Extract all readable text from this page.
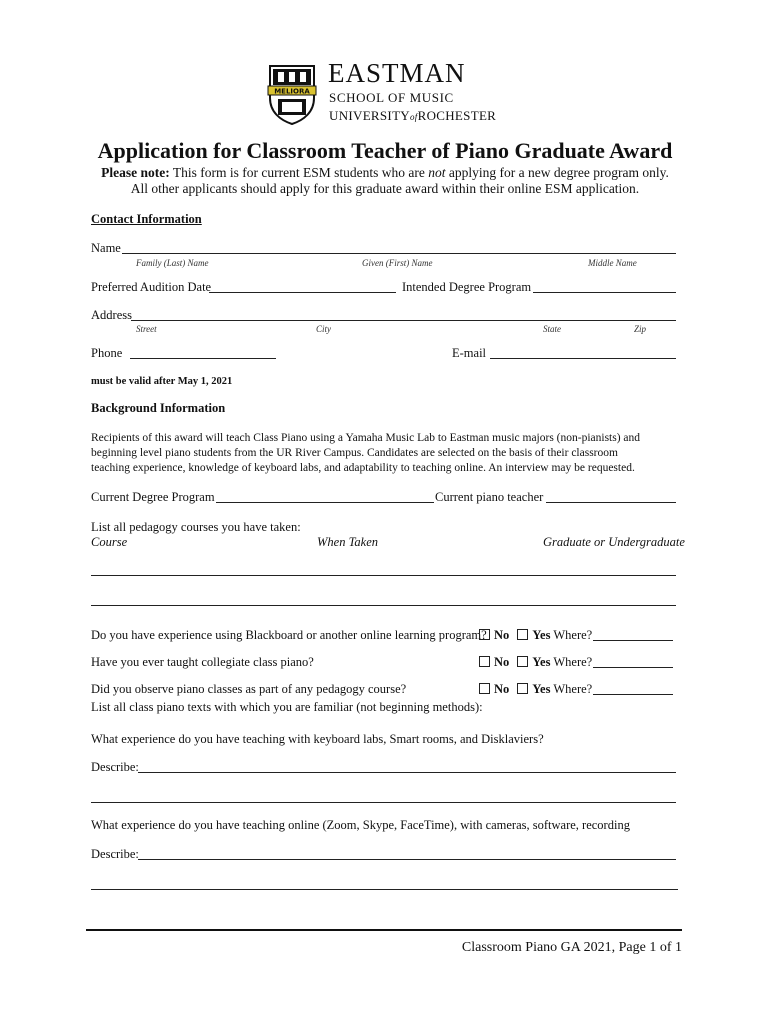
MELIORA
EASTMAN
SCHOOL OF MUSIC
UNIVERSITYofROCHESTER
Application for Classroom Teacher of Piano Graduate Award
Please note: This form is for current ESM students who are not applying for a new degree program only.
All other applicants should apply for this graduate award within their online ESM application.
Contact Information
Name
Family (Last) Name	Given (First) Name	Middle Name
Preferred Audition Date	Intended Degree Program
Address
Street	City	State	Zip
Phone	E-mail
must be valid after May 1, 2021
Background Information
Recipients of this award will teach Class Piano using a Yamaha Music Lab to Eastman music majors (non-pianists) and
beginning level piano students from the UR River Campus. Candidates are selected on the basis of their classroom
teaching experience, knowledge of keyboard labs, and adaptability to teaching online. An interview may be requested.
Current Degree Program	Current piano teacher
List all pedagogy courses you have taken:
Course	When Taken	Graduate or Undergraduate
Do you have experience using Blackboard or another online learning program? No Yes Where?
Have you ever taught collegiate class piano?	No Yes Where?
Did you observe piano classes as part of any pedagogy course?	No Yes Where?
List all class piano texts with which you are familiar (not beginning methods):
What experience do you have teaching with keyboard labs, Smart rooms, and Disklaviers?
Describe:
What experience do you have teaching online (Zoom, Skype, FaceTime), with cameras, software, recording
Describe:
Classroom Piano GA 2021, Page 1 of 1
